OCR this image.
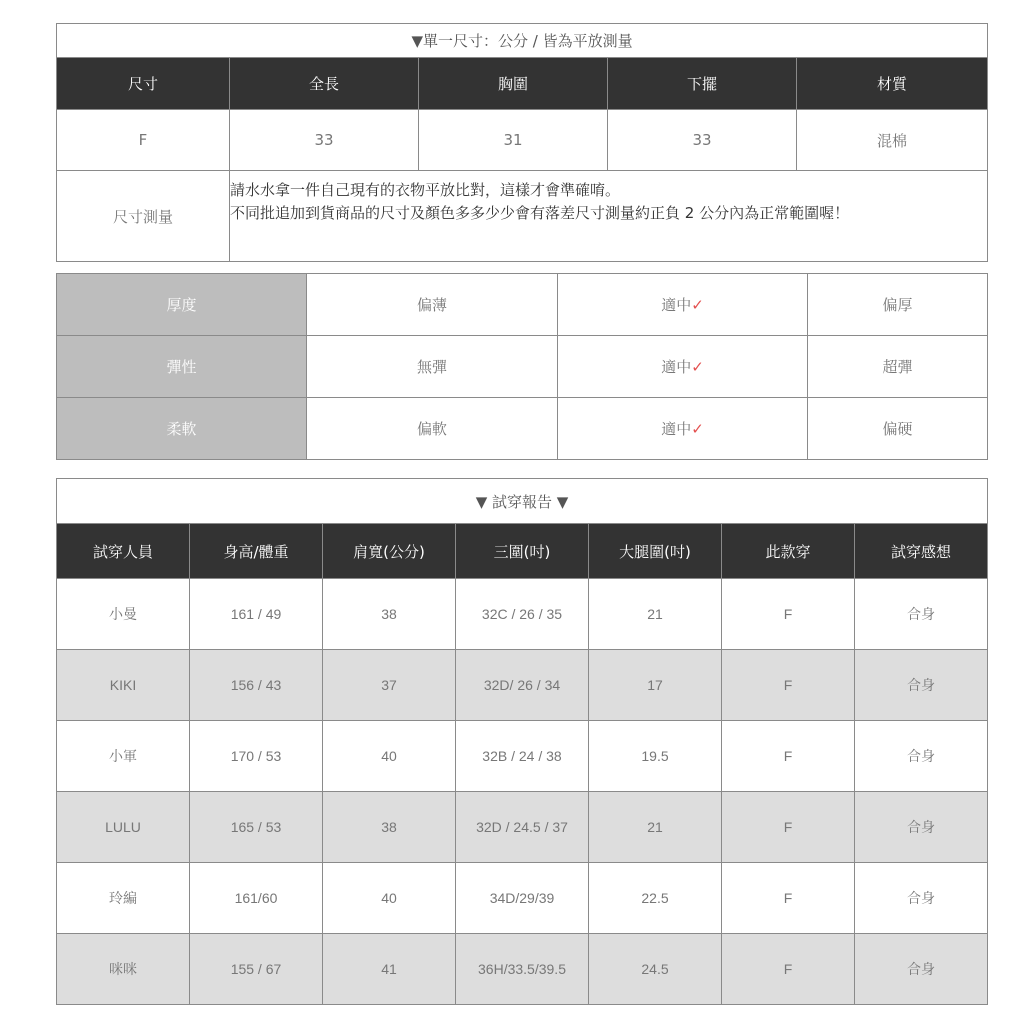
▼單一尺寸：公分 / 皆為平放測量				
尺寸	全長	胸圍	下擺	材質
F	33	31	33	混棉
尺寸測量	請水水拿一件自己現有的衣物平放比對，這樣才會準確唷。
不同批追加到貨商品的尺寸及顏色多多少少會有落差尺寸測量約正負 2 公分內為正常範圍喔！			
厚度	偏薄	適中✓	偏厚
彈性	無彈	適中✓	超彈
柔軟	偏軟	適中✓	偏硬
▼ 試穿報告 ▼						
試穿人員	身高/體重	肩寬(公分)	三圍(吋)	大腿圍(吋)	此款穿	試穿感想
小曼	161 / 49	38	32C / 26 / 35	21	F	合身
KIKI	156 / 43	37	32D/ 26 / 34	17	F	合身
小軍	170 / 53	40	32B / 24 / 38	19.5	F	合身
LULU	165 / 53	38	32D / 24.5 / 37	21	F	合身
玲編	161/60	40	34D/29/39	22.5	F	合身
咪咪	155 / 67	41	36H/33.5/39.5	24.5	F	合身
